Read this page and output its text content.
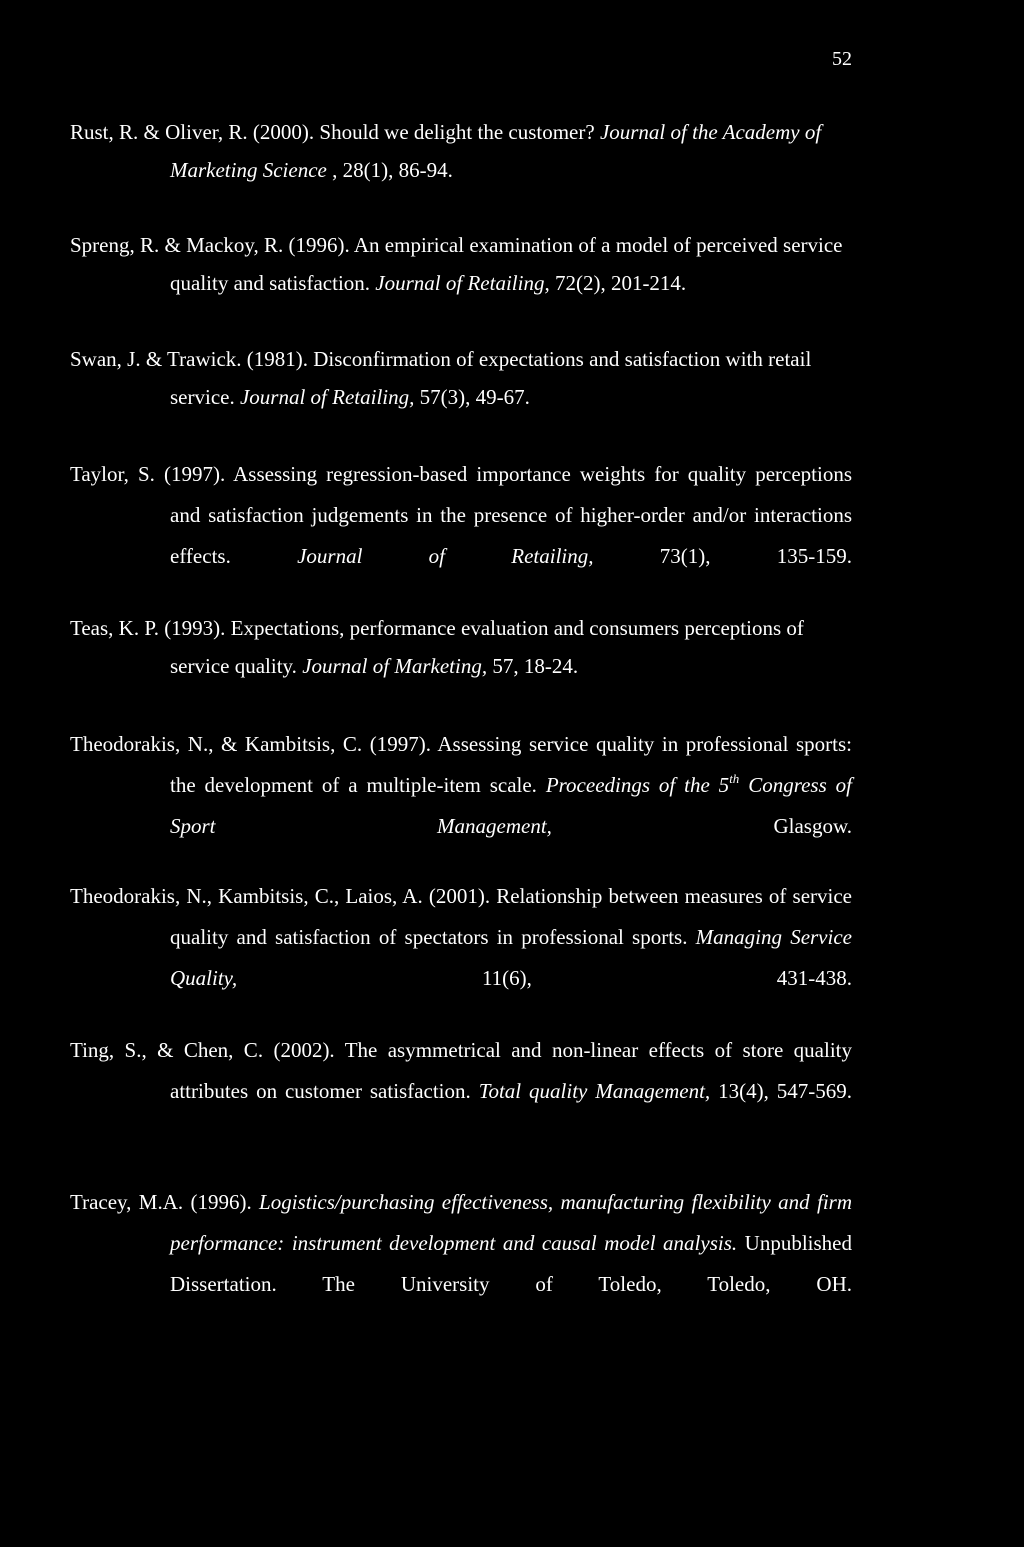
52

Rust, R. & Oliver, R. (2000). Should we delight the customer? Journal of the Academy of Marketing Science , 28(1), 86-94.

Spreng, R. & Mackoy, R. (1996). An empirical examination of a model of perceived service quality and satisfaction. Journal of Retailing, 72(2), 201-214.

Swan, J. & Trawick. (1981). Disconfirmation of expectations and satisfaction with retail service. Journal of Retailing, 57(3), 49-67.

Taylor, S. (1997). Assessing regression-based importance weights for quality perceptions and satisfaction judgements in the presence of higher-order and/or interactions effects. Journal of Retailing, 73(1), 135-159.

Teas, K. P. (1993). Expectations, performance evaluation and consumers perceptions of service quality. Journal of Marketing, 57, 18-24.

Theodorakis, N., & Kambitsis, C. (1997). Assessing service quality in professional sports: the development of a multiple-item scale. Proceedings of the 5th Congress of Sport Management, Glasgow.

Theodorakis, N., Kambitsis, C., Laios, A. (2001). Relationship between measures of service quality and satisfaction of spectators in professional sports. Managing Service Quality, 11(6), 431-438.

Ting, S., & Chen, C. (2002). The asymmetrical and non-linear effects of store quality attributes on customer satisfaction. Total quality Management, 13(4), 547-569.

Tracey, M.A. (1996). Logistics/purchasing effectiveness, manufacturing flexibility and firm performance: instrument development and causal model analysis. Unpublished Dissertation. The University of Toledo, Toledo, OH.
